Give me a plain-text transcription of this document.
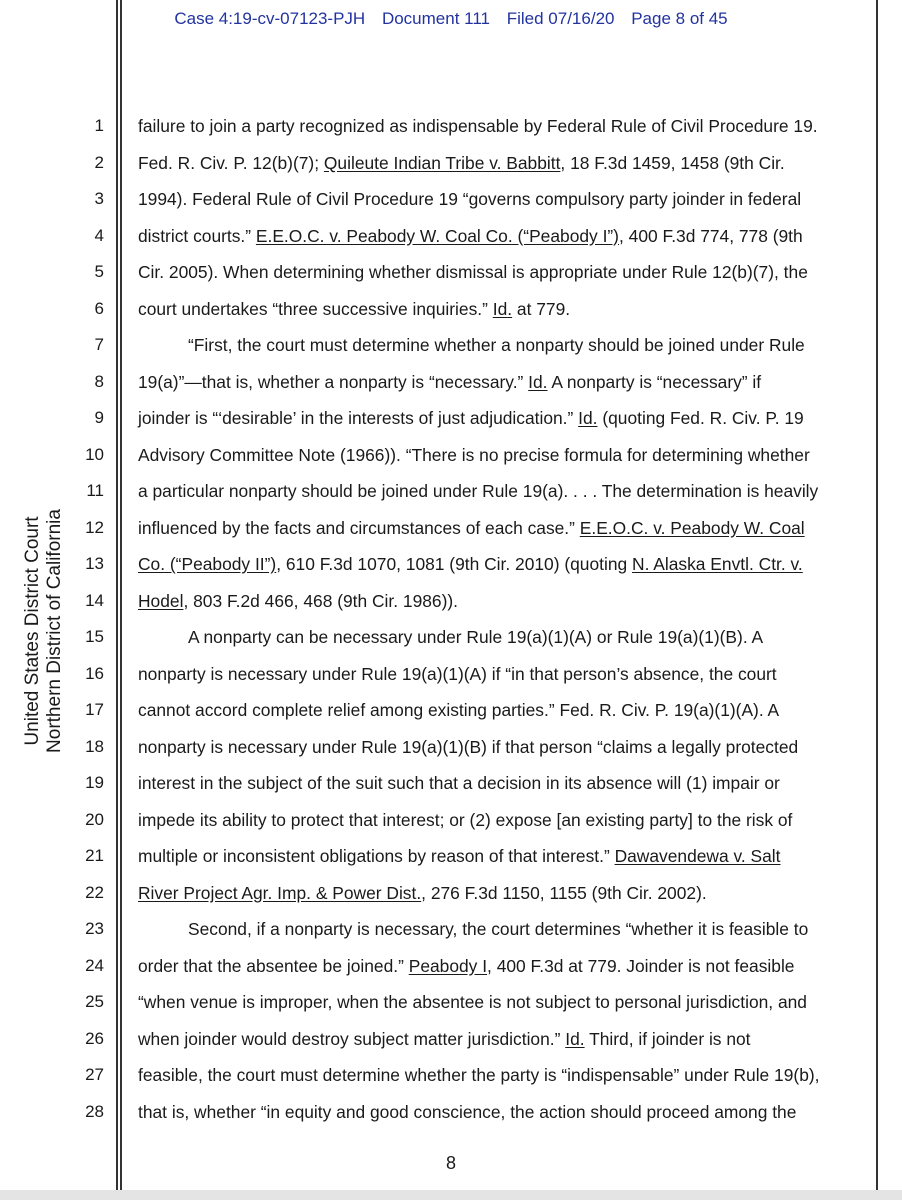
Case 4:19-cv-07123-PJH Document 111 Filed 07/16/20 Page 8 of 45
United States District Court Northern District of California
1
2
3
4
5
6
7
8
9
10
11
12
13
14
15
16
17
18
19
20
21
22
23
24
25
26
27
28
failure to join a party recognized as indispensable by Federal Rule of Civil Procedure 19.
Fed. R. Civ. P. 12(b)(7); Quileute Indian Tribe v. Babbitt, 18 F.3d 1459, 1458 (9th Cir.
1994). Federal Rule of Civil Procedure 19 “governs compulsory party joinder in federal
district courts.” E.E.O.C. v. Peabody W. Coal Co. (“Peabody I”), 400 F.3d 774, 778 (9th
Cir. 2005). When determining whether dismissal is appropriate under Rule 12(b)(7), the
court undertakes “three successive inquiries.” Id. at 779.
“First, the court must determine whether a nonparty should be joined under Rule
19(a)”—that is, whether a nonparty is “necessary.” Id. A nonparty is “necessary” if
joinder is “‘desirable’ in the interests of just adjudication.” Id. (quoting Fed. R. Civ. P. 19
Advisory Committee Note (1966)). “There is no precise formula for determining whether
a particular nonparty should be joined under Rule 19(a). . . . The determination is heavily
influenced by the facts and circumstances of each case.” E.E.O.C. v. Peabody W. Coal
Co. (“Peabody II”), 610 F.3d 1070, 1081 (9th Cir. 2010) (quoting N. Alaska Envtl. Ctr. v.
Hodel, 803 F.2d 466, 468 (9th Cir. 1986)).
A nonparty can be necessary under Rule 19(a)(1)(A) or Rule 19(a)(1)(B). A
nonparty is necessary under Rule 19(a)(1)(A) if “in that person’s absence, the court
cannot accord complete relief among existing parties.” Fed. R. Civ. P. 19(a)(1)(A). A
nonparty is necessary under Rule 19(a)(1)(B) if that person “claims a legally protected
interest in the subject of the suit such that a decision in its absence will (1) impair or
impede its ability to protect that interest; or (2) expose [an existing party] to the risk of
multiple or inconsistent obligations by reason of that interest.” Dawavendewa v. Salt
River Project Agr. Imp. & Power Dist., 276 F.3d 1150, 1155 (9th Cir. 2002).
Second, if a nonparty is necessary, the court determines “whether it is feasible to
order that the absentee be joined.” Peabody I, 400 F.3d at 779. Joinder is not feasible
“when venue is improper, when the absentee is not subject to personal jurisdiction, and
when joinder would destroy subject matter jurisdiction.” Id. Third, if joinder is not
feasible, the court must determine whether the party is “indispensable” under Rule 19(b),
that is, whether “in equity and good conscience, the action should proceed among the
8
